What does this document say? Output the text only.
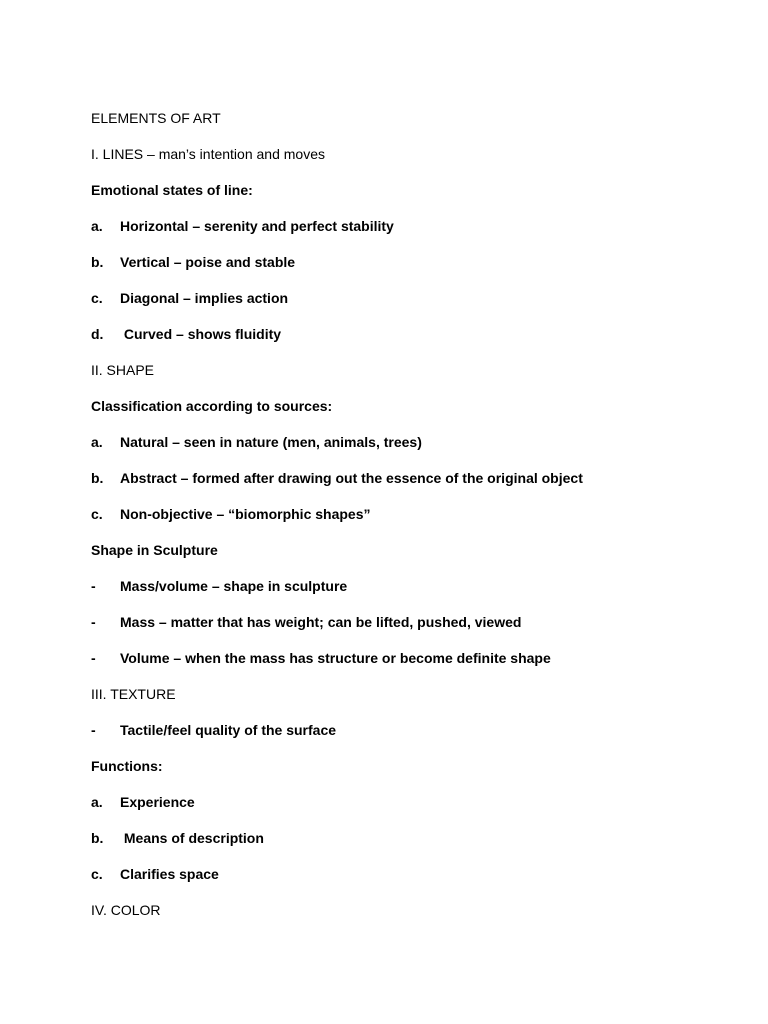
ELEMENTS OF ART
I. LINES – man’s intention and moves
Emotional states of line:
a. Horizontal – serenity and perfect stability
b. Vertical – poise and stable
c. Diagonal – implies action
d. Curved – shows fluidity
II. SHAPE
Classification according to sources:
a. Natural – seen in nature (men, animals, trees)
b. Abstract – formed after drawing out the essence of the original object
c. Non-objective – “biomorphic shapes”
Shape in Sculpture
- Mass/volume – shape in sculpture
- Mass – matter that has weight; can be lifted, pushed, viewed
- Volume – when the mass has structure or become definite shape
III. TEXTURE
- Tactile/feel quality of the surface
Functions:
a. Experience
b. Means of description
c. Clarifies space
IV. COLOR
